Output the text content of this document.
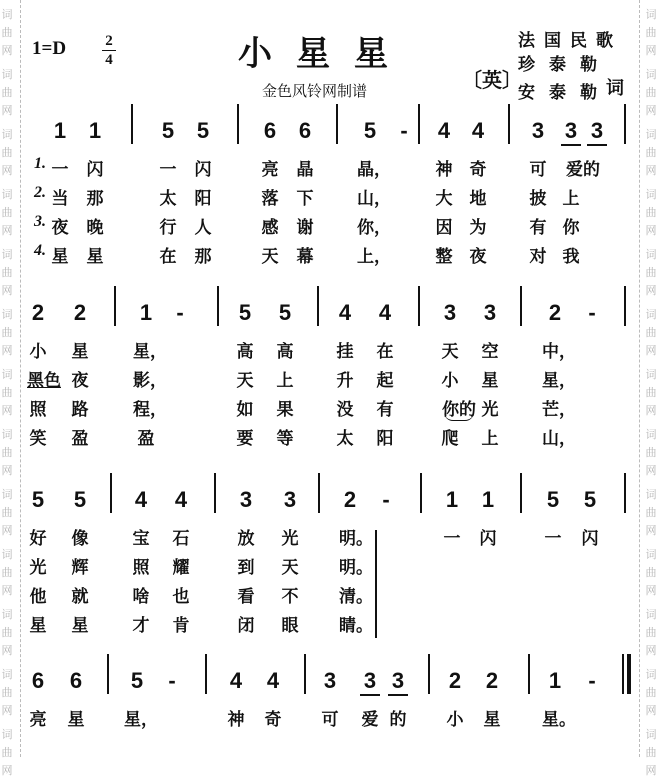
词	词
曲	曲
网	网
词	词
曲	曲
网	网
词	词
曲	曲
网	网
词	词
曲	曲
网	网
词	词
曲	曲
网	网
词	词
曲	曲
网	网
词	词
曲	曲
网	网
词	词
曲	曲
网	网
词	词
曲	曲
网	网
词	词
曲	曲
网	网
词	词
曲	曲
网	网
词	词
曲	曲
网	网
词	词
曲	曲
网	网
1=D	2
4	小星星
金色风铃网制谱
法国民歌
〔英〕
珍泰勒
安泰勒
词
1 1	5 5 6 6 5 - 4 4 3 3 3
1. 一 闪	一 闪	亮 晶	晶，	神 奇	可 爱的
2. 当 那	太 阳	落 下	山，	大 地	披 上
3. 夜 晚	行 人	感 谢	你，	因 为	有 你
4. 星 星	在 那	天 幕	上，	整 夜	对 我
2 2 1 -	5 5 4 4 3 3 2 -
小 星	星，	高 高	挂 在	天 空	中，
黑色 夜	影，	天 上	升 起	小 星	星，
照 路	程，	如 果	没 有	你的 光	芒，
笑 盈	盈	要 等	太 阳	爬 上	山，
5 5 4 4 3 3 2 -	1 1 5 5
好 像	宝 石	放 光 明。	一 闪	一 闪
光 辉	照 耀	到 天 明。
他 就	啥 也	看 不 清。
星 星	才 肯	闭 眼 睛。
6 6 5 - 4 4 3 3 3 2 2 1 -
亮 星 星，	神 奇 可 爱 的 小 星 星。
